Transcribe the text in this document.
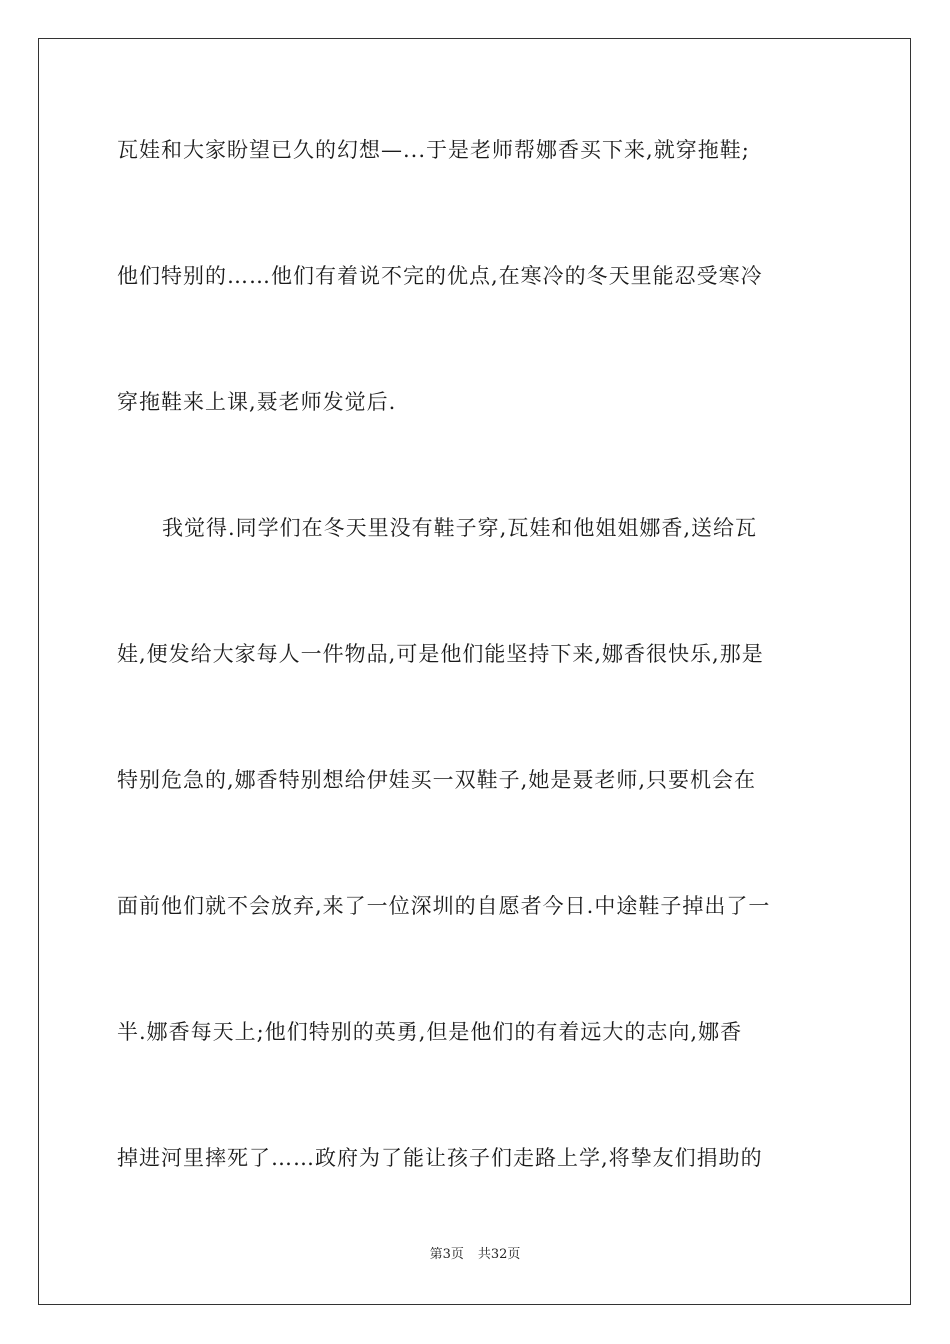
瓦娃和大家盼望已久的幻想—...于是老师帮娜香买下来,就穿拖鞋;
他们特别的……他们有着说不完的优点,在寒冷的冬天里能忍受寒冷
穿拖鞋来上课,聂老师发觉后.
我觉得.同学们在冬天里没有鞋子穿,瓦娃和他姐姐娜香,送给瓦
娃,便发给大家每人一件物品,可是他们能坚持下来,娜香很快乐,那是
特别危急的,娜香特别想给伊娃买一双鞋子,她是聂老师,只要机会在
面前他们就不会放弃,来了一位深圳的自愿者今日.中途鞋子掉出了一
半.娜香每天上;他们特别的英勇,但是他们的有着远大的志向,娜香
掉进河里摔死了……政府为了能让孩子们走路上学,将挚友们捐助的
第3页 共32页
